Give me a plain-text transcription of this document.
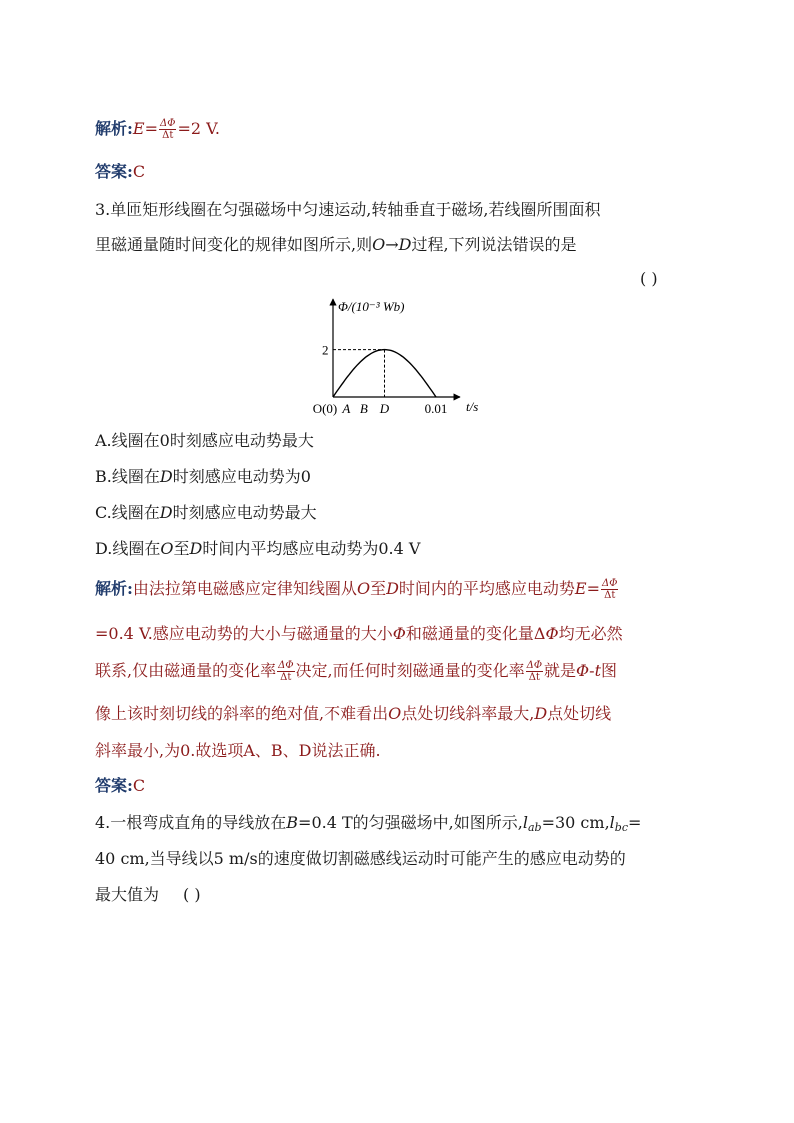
解析:E= $\frac{\Delta\Phi}{\Delta t} =2$ V.
答案:C
3.单匝矩形线圈在匀强磁场中匀速运动,转轴垂直于磁场,若线圈所围面积
里磁通量随时间变化的规律如图所示,则O→D过程,下列说法错误的是
( )
Φ/(10⁻³ Wb)
2
O(0) A B D	0.01 t/s
A.线圈在0时刻感应电动势最大
B.线圈在D时刻感应电动势为0
C.线圈在D时刻感应电动势最大
D.线圈在O至D时间内平均感应电动势为0.4 V
解析:由法拉第电磁感应定律知线圈从O至D时间内的平均感应电动势$E= \frac{\Delta\Phi}{\Delta t}$
=0.4 V.感应电动势的大小与磁通量的大小Φ和磁通量的变化量ΔΦ均无必然
联系,仅由磁通量的变化率 $\frac{\Delta\Phi}{\Delta t}$ 决定,而任何时刻磁通量的变化率 $\frac{\Delta\Phi}{\Delta t}$ 就是Φ-t图
像上该时刻切线的斜率的绝对值,不难看出O点处切线斜率最大,D点处切线
斜率最小,为0.故选项A、B、D说法正确.
答案:C
4.一根弯成直角的导线放在B=0.4 T的匀强磁场中,如图所示$,l_{ab}=30$ $cm,l_{bc}=$
40 cm,当导线以5 m/s的速度做切割磁感线运动时可能产生的感应电动势的
最大值为 ( )
